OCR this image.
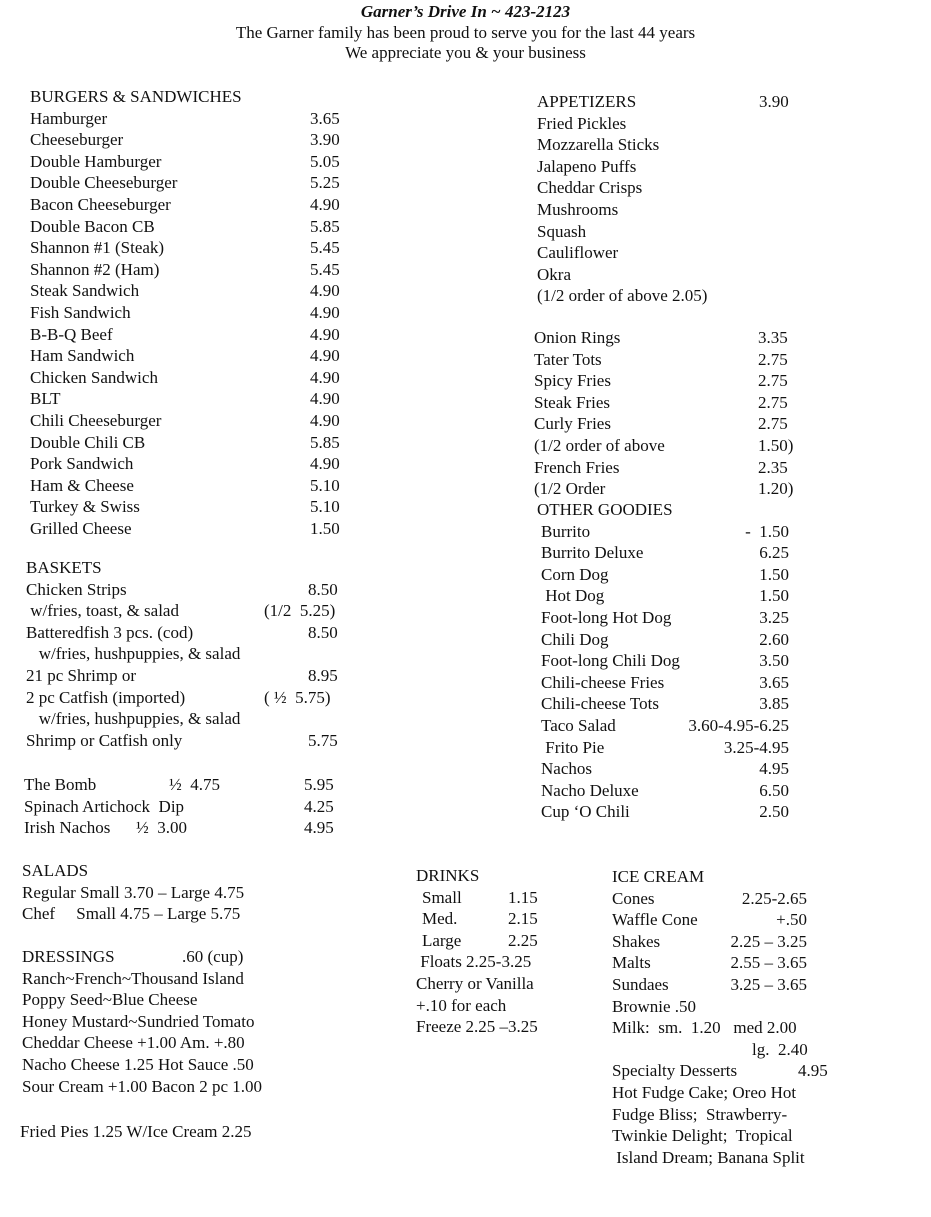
Garner’s Drive In ~ 423-2123
The Garner family has been proud to serve you for the last 44 years
We appreciate you & your business
BURGERS & SANDWICHES
Hamburger	3.65
Cheeseburger	3.90
Double Hamburger	5.05
Double Cheeseburger	5.25
Bacon Cheeseburger	4.90
Double Bacon CB	5.85
Shannon #1 (Steak)	5.45
Shannon #2 (Ham)	5.45
Steak Sandwich	4.90
Fish Sandwich	4.90
B-B-Q Beef	4.90
Ham Sandwich	4.90
Chicken Sandwich	4.90
BLT	4.90
Chili Cheeseburger	4.90
Double Chili CB	5.85
Pork Sandwich	4.90
Ham & Cheese	5.10
Turkey & Swiss	5.10
Grilled Cheese	1.50
BASKETS
Chicken Strips	8.50
w/fries, toast, & salad	(1/2  5.25)
Batteredfish 3 pcs. (cod)	8.50
w/fries, hushpuppies, & salad
21 pc Shrimp or	8.95
2 pc Catfish (imported)	( ½  5.75)
w/fries, hushpuppies, & salad
Shrimp or Catfish only	5.75
The Bomb	½  4.75	5.95
Spinach Artichock  Dip	4.25
Irish Nachos ½  3.00	4.95
SALADS
Regular Small 3.70 – Large 4.75
Chef     Small 4.75 – Large 5.75
DRESSINGS	.60 (cup)
Ranch~French~Thousand Island
Poppy Seed~Blue Cheese
Honey Mustard~Sundried Tomato
Cheddar Cheese +1.00 Am. +.80
Nacho Cheese 1.25 Hot Sauce .50
Sour Cream +1.00 Bacon 2 pc 1.00
Fried Pies 1.25 W/Ice Cream 2.25
APPETIZERS	3.90
Fried Pickles
Mozzarella Sticks
Jalapeno Puffs
Cheddar Crisps
Mushrooms
Squash
Cauliflower
Okra
(1/2 order of above 2.05)
Onion Rings	3.35
Tater Tots	2.75
Spicy Fries	2.75
Steak Fries	2.75
Curly Fries	2.75
(1/2 order of above	1.50)
French Fries	2.35
(1/2 Order	1.20)
OTHER GOODIES
Burrito	-  1.50
Burrito Deluxe	6.25
Corn Dog	1.50
Hot Dog	1.50
Foot-long Hot Dog	3.25
Chili Dog	2.60
Foot-long Chili Dog	3.50
Chili-cheese Fries	3.65
Chili-cheese Tots	3.85
Taco Salad	3.60-4.95-6.25
Frito Pie	3.25-4.95
Nachos	4.95
Nacho Deluxe	6.50
Cup ‘O Chili	2.50
DRINKS
Small	1.15
Med.	2.15
Large	2.25
Floats 2.25-3.25
Cherry or Vanilla
+.10 for each
Freeze 2.25 –3.25
ICE CREAM
Cones	2.25-2.65
Waffle Cone	+.50
Shakes	2.25 – 3.25
Malts	2.55 – 3.65
Sundaes	3.25 – 3.65
Brownie .50
Milk:  sm.  1.20   med 2.00
lg.  2.40
Specialty Desserts	4.95
Hot Fudge Cake; Oreo Hot
Fudge Bliss;  Strawberry-
Twinkie Delight;  Tropical
Island Dream; Banana Split
